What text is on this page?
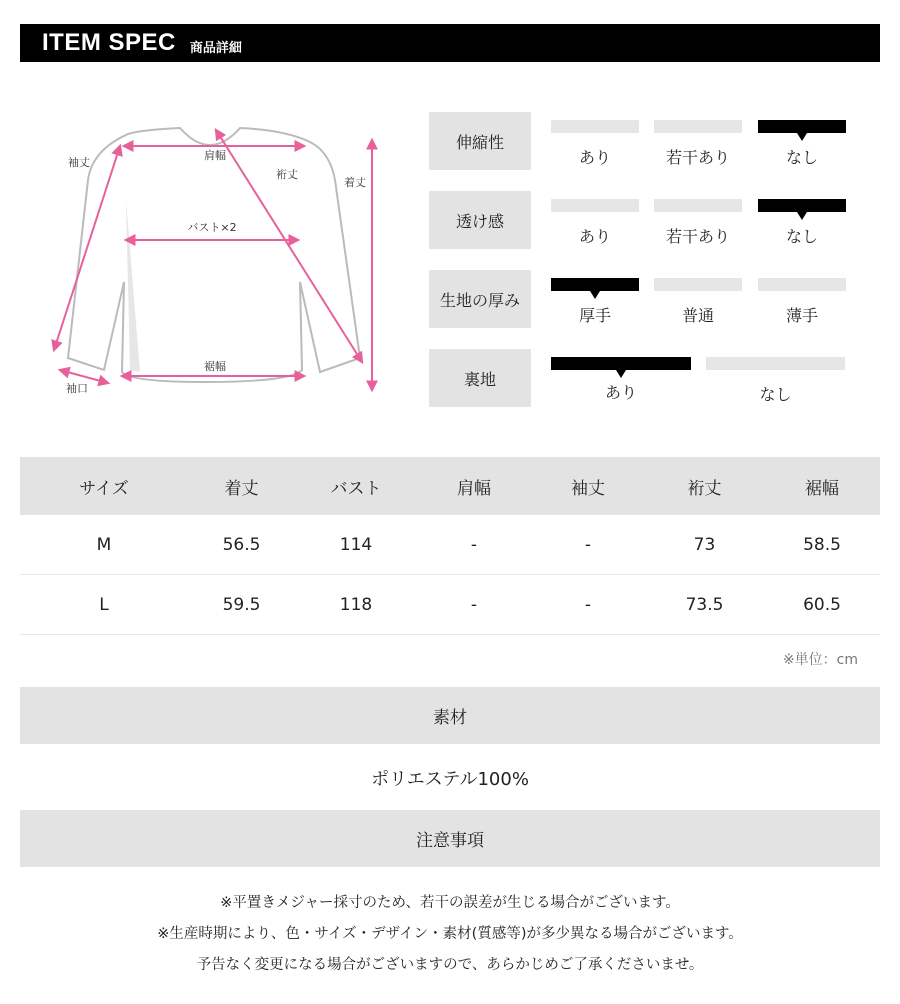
ITEM SPEC 商品詳細
肩幅
袖丈
裄丈
着丈
バスト×2
裾幅
袖口
伸縮性
あり	若干あり	なし
透け感
あり	若干あり	なし
生地の厚み
厚手	普通	薄手
裏地
あり	なし
サイズ	着丈	バスト	肩幅	袖丈	裄丈	裾幅
M	56.5	114	-	-	73	58.5
L	59.5	118	-	-	73.5	60.5
※単位：cm
素材
ポリエステル100%
注意事項
※平置きメジャー採寸のため、若干の誤差が生じる場合がございます。
※生産時期により、色・サイズ・デザイン・素材(質感等)が多少異なる場合がございます。
予告なく変更になる場合がございますので、あらかじめご了承くださいませ。
